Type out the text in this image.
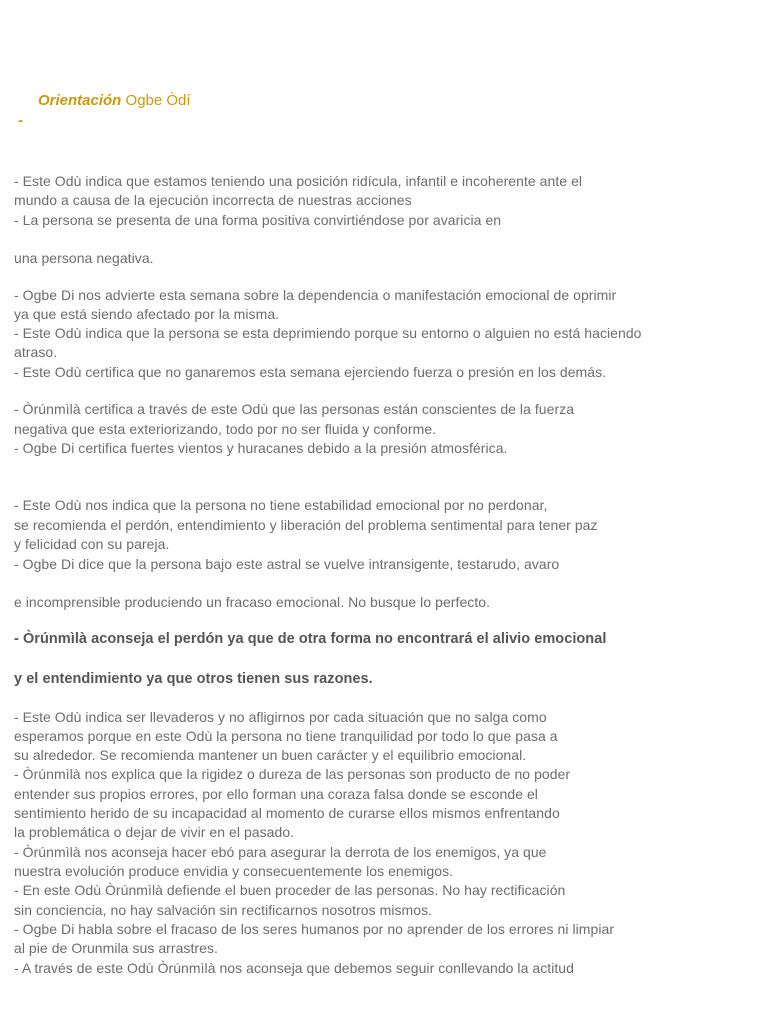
Orientación Ogbe Òdí
-
- Este Odù indica que estamos teniendo una posición ridícula, infantil e incoherente ante el
mundo a causa de la ejecución incorrecta de nuestras acciones
- La persona se presenta de una forma positiva convirtiéndose por avaricia en
una persona negativa.
- Ogbe Di nos advierte esta semana sobre la dependencia o manifestación emocional de oprimir
ya que está siendo afectado por la misma.
- Este Odù indica que la persona se esta deprimiendo porque su entorno o alguien no está haciendo
atraso.
- Este Odù certifica que no ganaremos esta semana ejerciendo fuerza o presión en los demás.
- Òrúnmìlà certifica a través de este Odù que las personas están conscientes de la fuerza
negativa que esta exteriorizando, todo por no ser fluida y conforme.
- Ogbe Di certifica fuertes vientos y huracanes debido a la presión atmosférica.
- Este Odù nos indica que la persona no tiene estabilidad emocional por no perdonar,
se recomienda el perdón, entendimiento y liberación del problema sentimental para tener paz
y felicidad con su pareja.
- Ogbe Di dice que la persona bajo este astral se vuelve intransigente, testarudo, avaro
e incomprensible produciendo un fracaso emocional. No busque lo perfecto.
- Òrúnmìlà aconseja el perdón ya que de otra forma no encontrará el alivio emocional
y el entendimiento ya que otros tienen sus razones.
- Este Odù indica ser llevaderos y no afligirnos por cada situación que no salga como
esperamos porque en este Odù la persona no tiene tranquilidad por todo lo que pasa a
su alrededor. Se recomienda mantener un buen carácter y el equilibrio emocional.
- Òrúnmìlà nos explica que la rigidez o dureza de las personas son producto de no poder
entender sus propios errores, por ello forman una coraza falsa donde se esconde el
sentimiento herido de su incapacidad al momento de curarse ellos mismos enfrentando
la problemática o dejar de vivir en el pasado.
- Òrúnmìlà nos aconseja hacer ebó para asegurar la derrota de los enemigos, ya que
nuestra evolución produce envidia y consecuentemente los enemigos.
- En este Odù Òrúnmìlà defiende el buen proceder de las personas. No hay rectificación
sin conciencia, no hay salvación sin rectificarnos nosotros mismos.
- Ogbe Di habla sobre el fracaso de los seres humanos por no aprender de los errores ni limpiar
al pie de Orunmila sus arrastres.
- A través de este Odù Òrúnmìlà nos aconseja que debemos seguir conllevando la actitud
